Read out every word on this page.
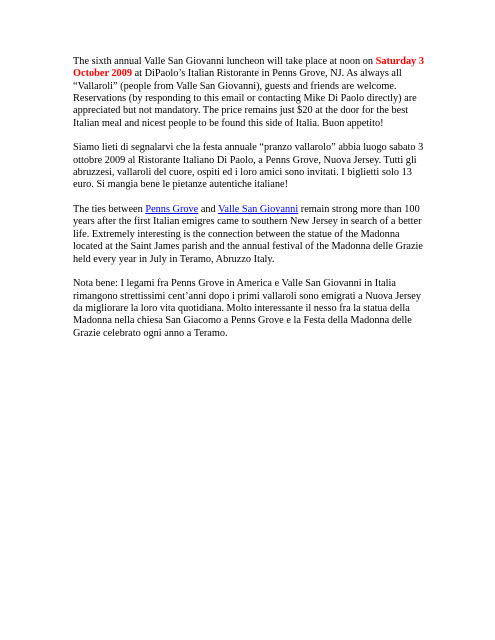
The sixth annual Valle San Giovanni luncheon will take place at noon on Saturday 3 October 2009 at DiPaolo’s Italian Ristorante in Penns Grove, NJ. As always all “Vallaroli” (people from Valle San Giovanni), guests and friends are welcome. Reservations (by responding to this email or contacting Mike Di Paolo directly) are appreciated but not mandatory. The price remains just $20 at the door for the best Italian meal and nicest people to be found this side of Italia. Buon appetito!

Siamo lieti di segnalarvi che la festa annuale “pranzo vallarolo” abbia luogo sabato 3 ottobre 2009 al Ristorante Italiano Di Paolo, a Penns Grove, Nuova Jersey. Tutti gli abruzzesi, vallaroli del cuore, ospiti ed i loro amici sono invitati. I biglietti solo 13 euro. Si mangia bene le pietanze autentiche italiane!

The ties between Penns Grove and Valle San Giovanni remain strong more than 100 years after the first Italian emigres came to southern New Jersey in search of a better life. Extremely interesting is the connection between the statue of the Madonna located at the Saint James parish and the annual festival of the Madonna delle Grazie held every year in July in Teramo, Abruzzo Italy.

Nota bene: I legami fra Penns Grove in America e Valle San Giovanni in Italia rimangono strettissimi cent’anni dopo i primi vallaroli sono emigrati a Nuova Jersey da migliorare la loro vita quotidiana. Molto interessante il nesso fra la statua della Madonna nella chiesa San Giacomo a Penns Grove e la Festa della Madonna delle Grazie celebrato ogni anno a Teramo.
